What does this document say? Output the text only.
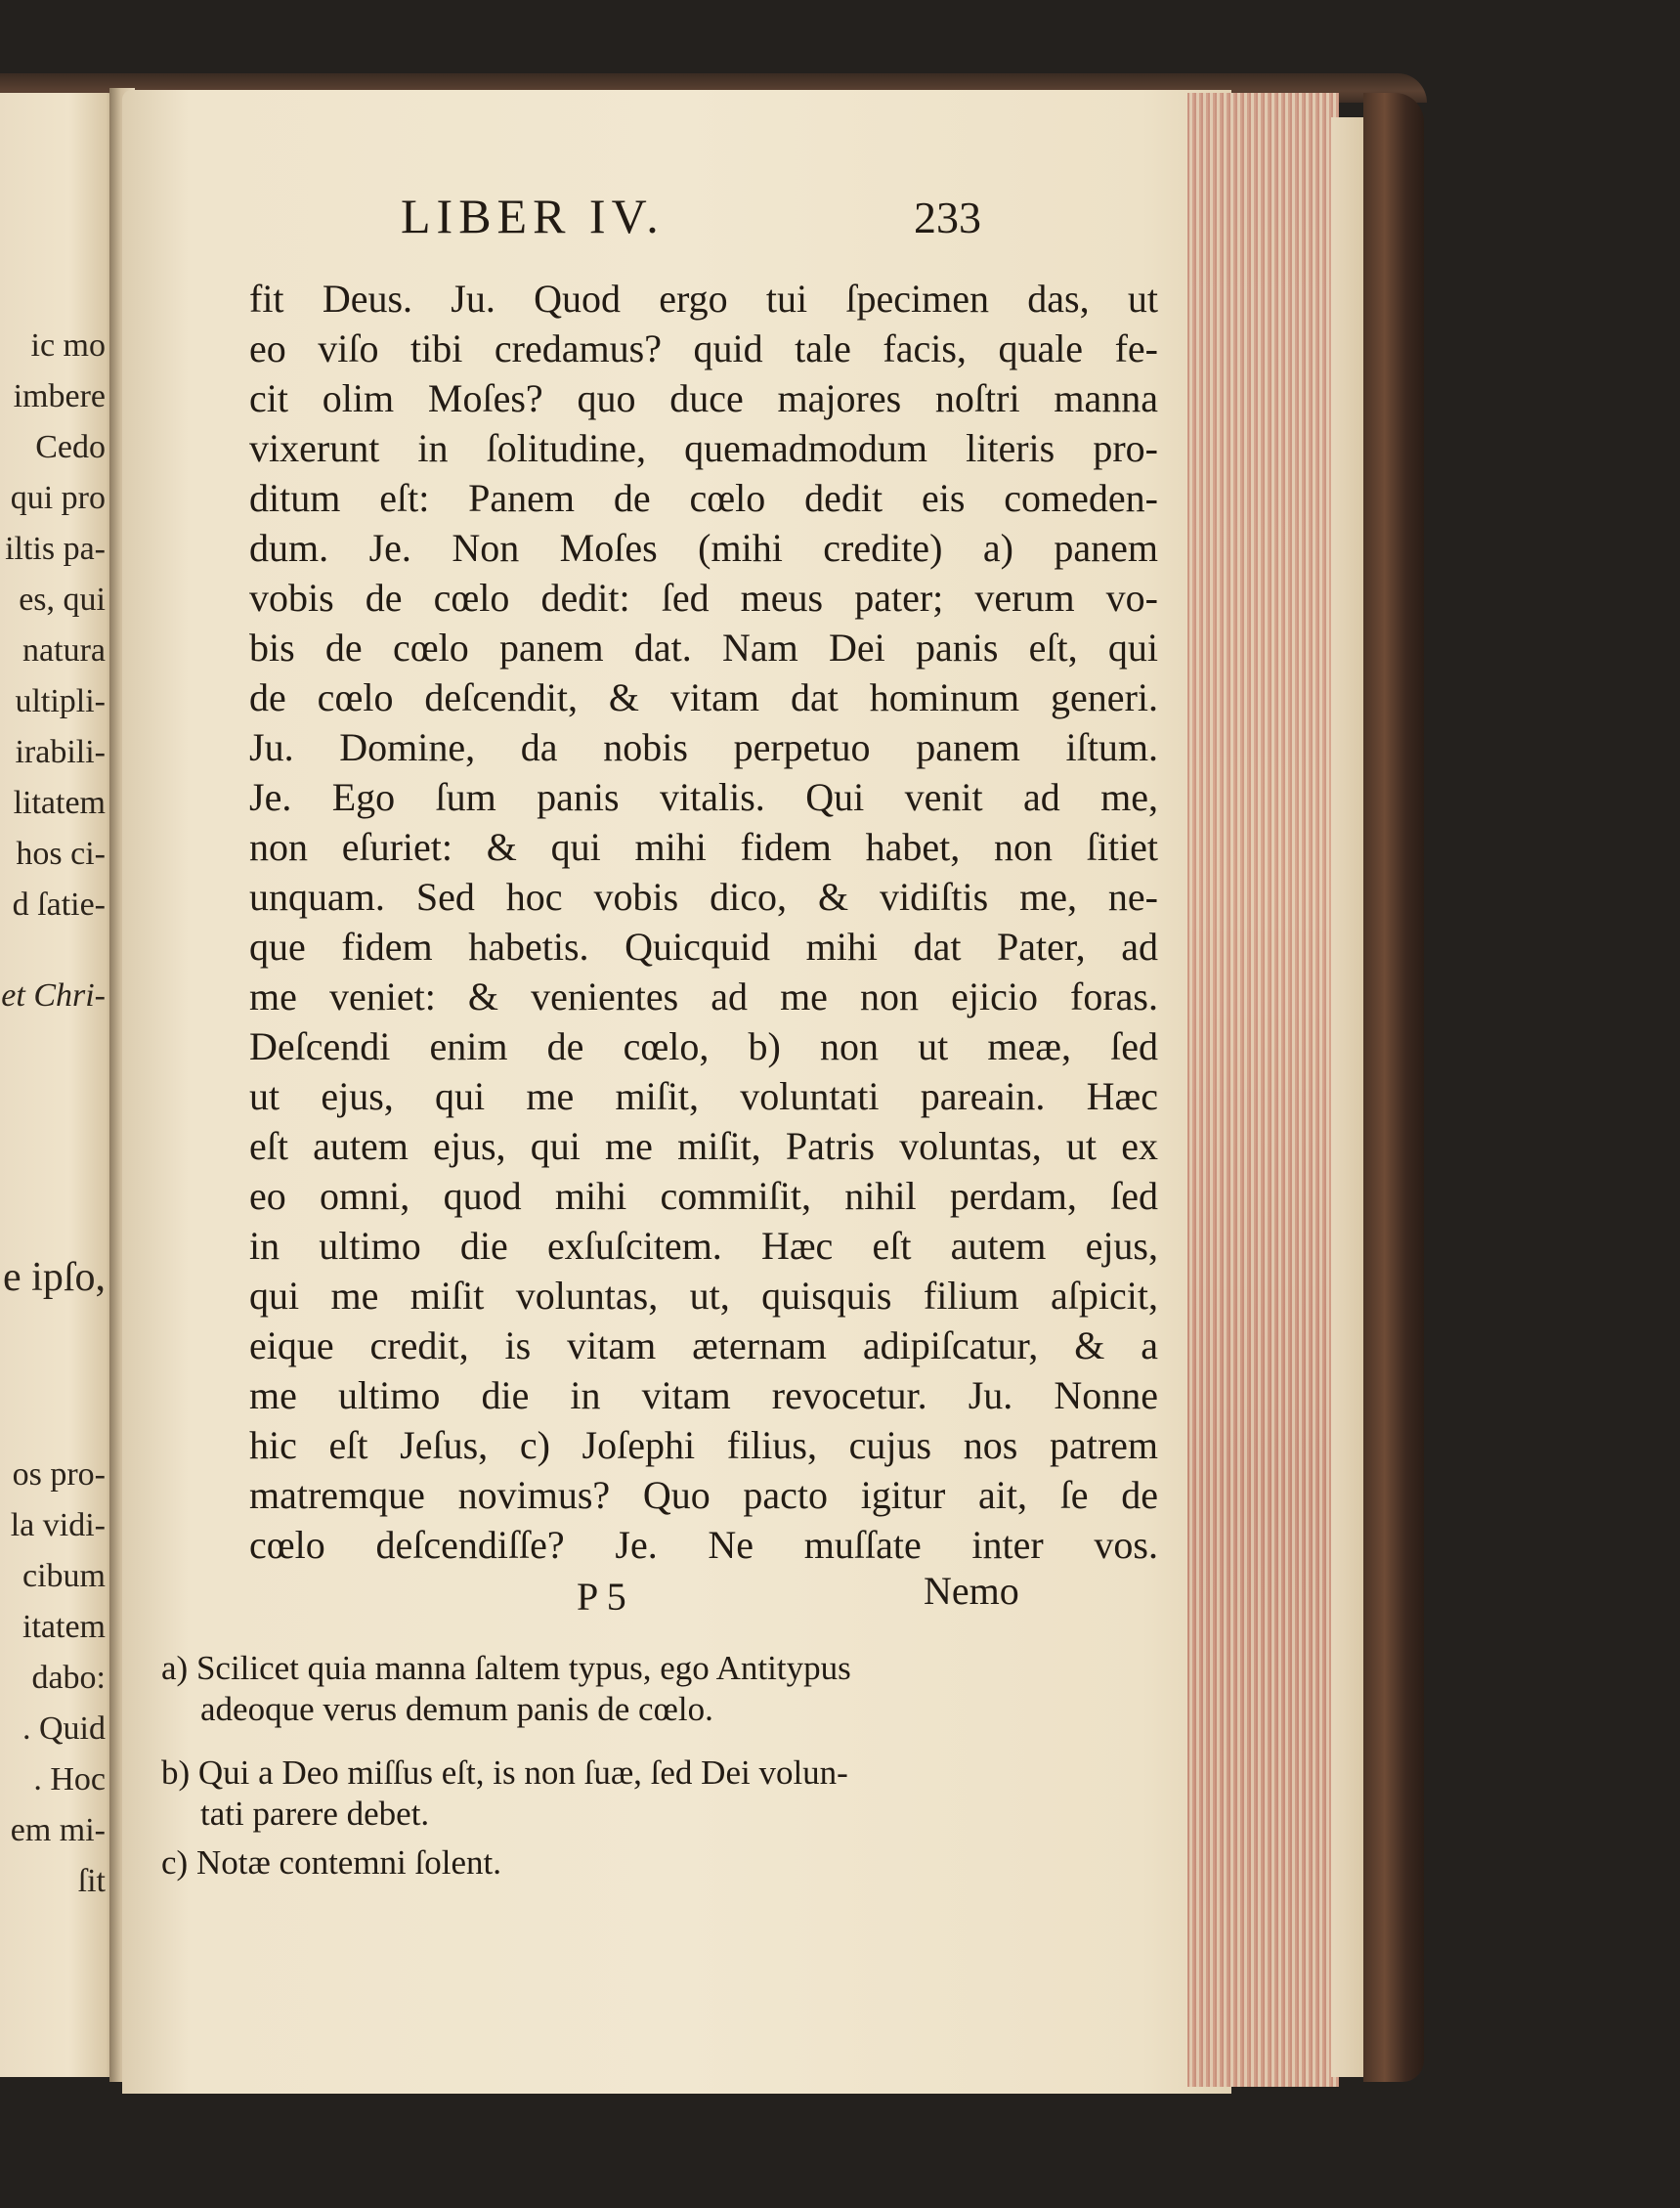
ic mo
imbere
Cedo
qui pro
iltis pa-
es, qui
natura
ultipli-
irabili-
litatem
hos ci-
d ſatie-
et Chri-
e ipſo,
os pro-
la vidi-
cibum
itatem
dabo:
. Quid
. Hoc
em mi-
ſit
LIBER IV.	233
fit Deus. Ju. Quod ergo tui ſpecimen das, ut
eo viſo tibi credamus? quid tale facis, quale fe-
cit olim Moſes? quo duce majores noſtri manna
vixerunt in ſolitudine, quemadmodum literis pro-
ditum eſt: Panem de cœlo dedit eis comeden-
dum. Je. Non Moſes (mihi credite) a) panem
vobis de cœlo dedit: ſed meus pater; verum vo-
bis de cœlo panem dat. Nam Dei panis eſt, qui
de cœlo deſcendit, & vitam dat hominum generi.
Ju. Domine, da nobis perpetuo panem iſtum.
Je. Ego ſum panis vitalis. Qui venit ad me,
non eſuriet: & qui mihi fidem habet, non ſitiet
unquam. Sed hoc vobis dico, & vidiſtis me, ne-
que fidem habetis. Quicquid mihi dat Pater, ad
me veniet: & venientes ad me non ejicio foras.
Deſcendi enim de cœlo, b) non ut meæ, ſed
ut ejus, qui me miſit, voluntati pareain. Hæc
eſt autem ejus, qui me miſit, Patris voluntas, ut ex
eo omni, quod mihi commiſit, nihil perdam, ſed
in ultimo die exſuſcitem. Hæc eſt autem ejus,
qui me miſit voluntas, ut, quisquis filium aſpicit,
eique credit, is vitam æternam adipiſcatur, & a
me ultimo die in vitam revocetur. Ju. Nonne
hic eſt Jeſus, c) Joſephi filius, cujus nos patrem
matremque novimus? Quo pacto igitur ait, ſe de
cœlo deſcendiſſe? Je. Ne muſſate inter vos.
P 5	Nemo
a) Scilicet quia manna ſaltem typus, ego Antitypus
adeoque verus demum panis de cœlo.
b) Qui a Deo miſſus eſt, is non ſuæ, ſed Dei volun-
tati parere debet.
c) Notæ contemni ſolent.
